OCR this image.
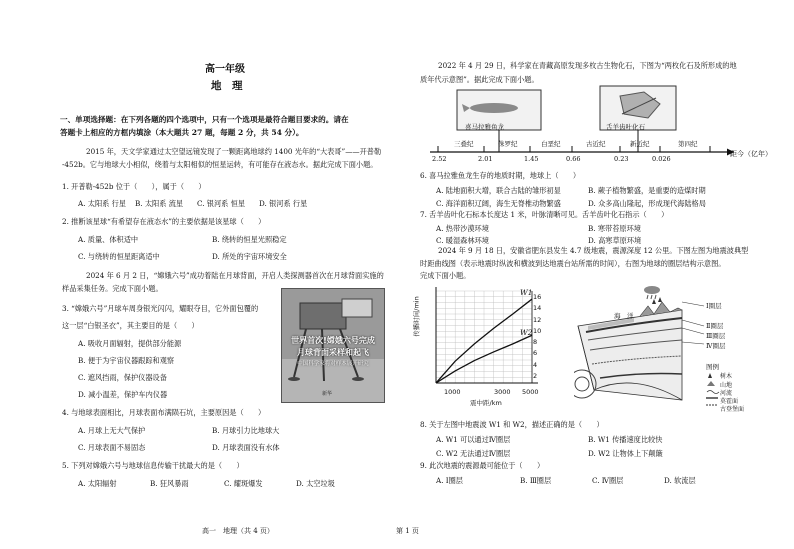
高一年级
地　理
一、单项选择题：在下列各题的四个选项中，只有一个选项是最符合题目要求的。请在
答题卡上相应的方框内填涂（本大题共 27 题，每题 2 分，共 54 分）。
2015 年，天文学家通过太空望远镜发现了一颗距离地球约 1400 光年的“大表哥”——开普勒
-452b。它与地球大小相似，绕着与太阳相似的恒星运转，有可能存在液态水。据此完成下面小题。
1. 开普勒-452b 位于（　　），属于（　　）
A. 太阳系 行星 B. 太阳系 流星 C. 银河系 恒星 D. 银河系 行星
2. 推断该星球“有希望存在液态水”的主要依据是该星球（　　）
A. 质量、体积适中	B. 绕转的恒星光照稳定
C. 与绕转的恒星距离适中	D. 所处的宇宙环境安全
2024 年 6 月 2 日，“嫦娥六号”成功着陆在月球背面，开启人类探测器首次在月球背面实施的
样品采集任务。完成下面小题。
3. “嫦娥六号”月球车周身银光闪闪，耀眼夺目，它外面包覆的
这一层“白银圣衣”，其主要目的是（　　）
A. 吸收月面辐射，提供部分能源
B. 便于为宇宙仪器跟踪和观察
C. 遮风挡雨，保护仪器设备
D. 减小温差，保护车内仪器
世界首次!嫦娥六号完成
月球背面采样和起飞
中国科学家将对样本展开研究
新华
4. 与地球表面相比，月球表面布满陨石坑，主要原因是（　　）
A. 月球上无大气保护	B. 月球引力比地球大
C. 月球表面不易固态	D. 月球表面没有水体
5. 下列对嫦娥六号与地球信息传输干扰最大的是（　　）
A. 太阳辐射	B. 狂风暴雨	C. 耀斑爆发	D. 太空垃圾
高一　地理（共 4 页）
2022 年 4 月 29 日，科学家在青藏高原发现多枚古生物化石，下图为“两枚化石及所形成的地
质年代示意图”。据此完成下面小题。
喜马拉雅鱼龙	舌羊齿叶化石
三叠纪	侏罗纪	白垩纪	古近纪	新近纪	第四纪
2.52	2.01	1.45	0.66	0.23	0.026
距今（亿年）
6. 喜马拉雅鱼龙生存的地质时期，地球上（　　）
A. 陆地面积大增，联合古陆的雏形初显	B. 蕨子植物繁盛，是重要的造煤时期
C. 海洋面积辽阔，海生无脊椎动物繁盛	D. 众多高山隆起，形成现代海陆格局
7. 舌羊齿叶化石标本长度达 1 米，叶脉清晰可见。舌羊齿叶化石指示（　　）
A. 热带沙漠环境	B. 寒带苔原环境
C. 暖湿森林环境	D. 高寒草原环境
2024 年 9 月 18 日，安徽省肥东县发生 4.7 级地震，震源深度 12 公里。下图左图为地震波典型
时距曲线图（表示地震时纵波和横波到达地震台站所需的时间），右图为地球的圈层结构示意图。
完成下面小题。
传播时间/min
震中距/km
1000	3000 5000
2
4
6
8
10
12
14
16
W1
W2
海　洋
Ⅰ圈层
Ⅱ圈层
Ⅲ圈层
Ⅳ圈层
图例
树木
山地
河流
莫霍面
古登堡面
8. 关于左图中地震波 W1 和 W2，描述正确的是（　　）
A. W1 可以通过Ⅳ圈层	B. W1 传播速度比较快
C. W2 无法通过Ⅳ圈层	D. W2 让物体上下颠簸
9. 此次地震的震源最可能位于（　　）
A. Ⅰ圈层	B. Ⅲ圈层	C. Ⅳ圈层	D. 软流层
第 1 页
